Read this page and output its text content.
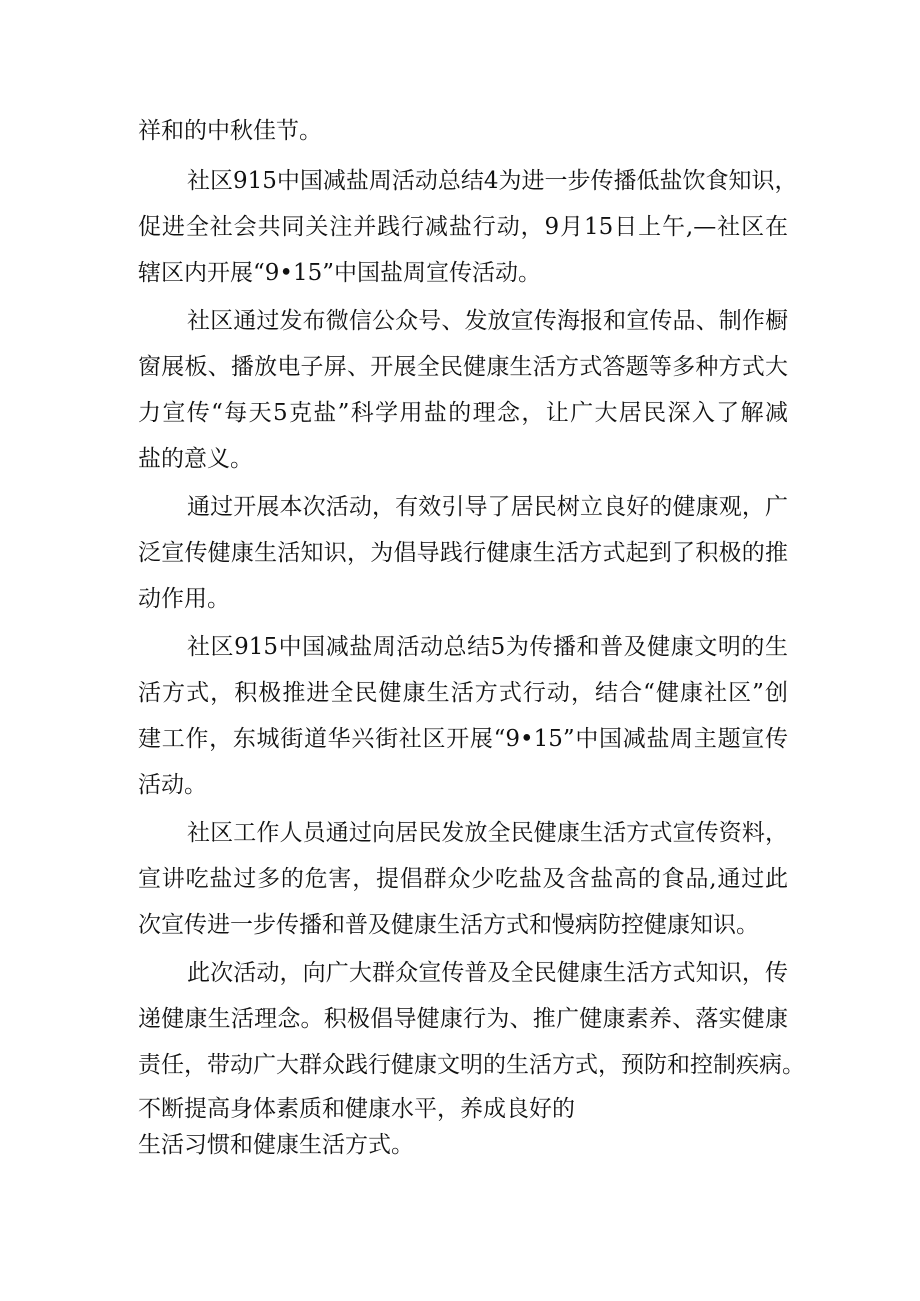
祥和的中秋佳节。
社区915中国减盐周活动总结4为进一步传播低盐饮食知识，
促进全社会共同关注并践行减盐行动，9月15日上午,—社区在
辖区内开展“9•15”中国盐周宣传活动。
社区通过发布微信公众号、发放宣传海报和宣传品、制作橱
窗展板、播放电子屏、开展全民健康生活方式答题等多种方式大
力宣传“每天5克盐”科学用盐的理念，让广大居民深入了解减
盐的意义。
通过开展本次活动，有效引导了居民树立良好的健康观，广
泛宣传健康生活知识，为倡导践行健康生活方式起到了积极的推
动作用。
社区915中国减盐周活动总结5为传播和普及健康文明的生
活方式，积极推进全民健康生活方式行动，结合“健康社区”创
建工作，东城街道华兴街社区开展“9•15”中国减盐周主题宣传
活动。
社区工作人员通过向居民发放全民健康生活方式宣传资料，
宣讲吃盐过多的危害，提倡群众少吃盐及含盐高的食品,通过此
次宣传进一步传播和普及健康生活方式和慢病防控健康知识。
此次活动，向广大群众宣传普及全民健康生活方式知识，传
递健康生活理念。积极倡导健康行为、推广健康素养、落实健康
责任，带动广大群众践行健康文明的生活方式，预防和控制疾病。
不断提高身体素质和健康水平，养成良好的
生活习惯和健康生活方式。
